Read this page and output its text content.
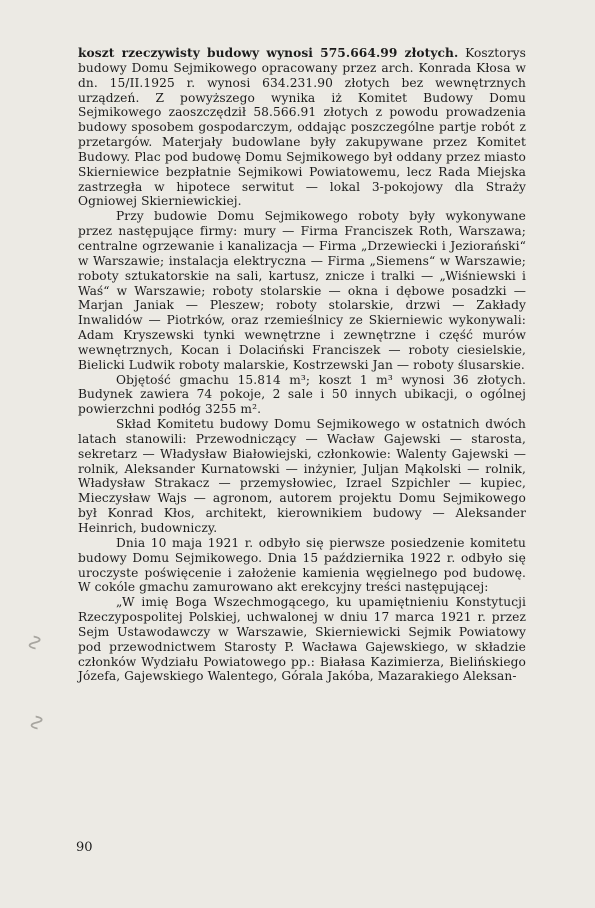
koszt rzeczywisty budowy wynosi 575.664.99 złotych. Kosztorys budowy Domu Sejmikowego opracowany przez arch. Konrada Kłosa w dn. 15/II.1925 r. wynosi 634.231.90 złotych bez wewnętrznych urządzeń. Z powyższego wynika iż Komitet Budowy Domu Sejmikowego zaoszczędził 58.566.91 złotych z powodu prowadzenia budowy sposobem gospodarczym, oddając poszczególne partje robót z przetargów. Materjały budowlane były zakupywane przez Komitet Budowy. Plac pod budowę Domu Sejmikowego był oddany przez miasto Skierniewice bezpłatnie Sejmikowi Powiatowemu, lecz Rada Miejska zastrzegła w hipotece serwitut — lokal 3-pokojowy dla Straży Ogniowej Skierniewickiej.

Przy budowie Domu Sejmikowego roboty były wykonywane przez następujące firmy: mury — Firma Franciszek Roth, Warszawa; centralne ogrzewanie i kanalizacja — Firma „Drzewiecki i Jeziorański“ w Warszawie; instalacja elektryczna — Firma „Siemens“ w Warszawie; roboty sztukatorskie na sali, kartusz, znicze i tralki — „Wiśniewski i Waś“ w Warszawie; roboty stolarskie — okna i dębowe posadzki — Marjan Janiak — Pleszew; roboty stolarskie, drzwi — Zakłady Inwalidów — Piotrków, oraz rzemieślnicy ze Skierniewic wykonywali: Adam Kryszewski tynki wewnętrzne i zewnętrzne i część murów wewnętrznych, Kocan i Dolaciński Franciszek — roboty ciesielskie, Bielicki Ludwik roboty malarskie, Kostrzewski Jan — roboty ślusarskie.

Objętość gmachu 15.814 m³; koszt 1 m³ wynosi 36 złotych. Budynek zawiera 74 pokoje, 2 sale i 50 innych ubikacji, o ogólnej powierzchni podłóg 3255 m².

Skład Komitetu budowy Domu Sejmikowego w ostatnich dwóch latach stanowili: Przewodniczący — Wacław Gajewski — starosta, sekretarz — Władysław Białowiejski, członkowie: Walenty Gajewski — rolnik, Aleksander Kurnatowski — inżynier, Juljan Mąkolski — rolnik, Władysław Strakacz — przemysłowiec, Izrael Szpichler — kupiec, Mieczysław Wajs — agronom, autorem projektu Domu Sejmikowego był Konrad Kłos, architekt, kierownikiem budowy — Aleksander Heinrich, budowniczy.

Dnia 10 maja 1921 r. odbyło się pierwsze posiedzenie komitetu budowy Domu Sejmikowego. Dnia 15 października 1922 r. odbyło się uroczyste poświęcenie i założenie kamienia węgielnego pod budowę. W cokóle gmachu zamurowano akt erekcyjny treści następującej:

„W imię Boga Wszechmogącego, ku upamiętnieniu Konstytucji Rzeczypospolitej Polskiej, uchwalonej w dniu 17 marca 1921 r. przez Sejm Ustawodawczy w Warszawie, Skierniewicki Sejmik Powiatowy pod przewodnictwem Starosty P. Wacława Gajewskiego, w składzie członków Wydziału Powiatowego pp.: Białasa Kazimierza, Bielińskiego Józefa, Gajewskiego Walentego, Górala Jakóba, Mazarakiego Aleksan-

∿
∿
90
